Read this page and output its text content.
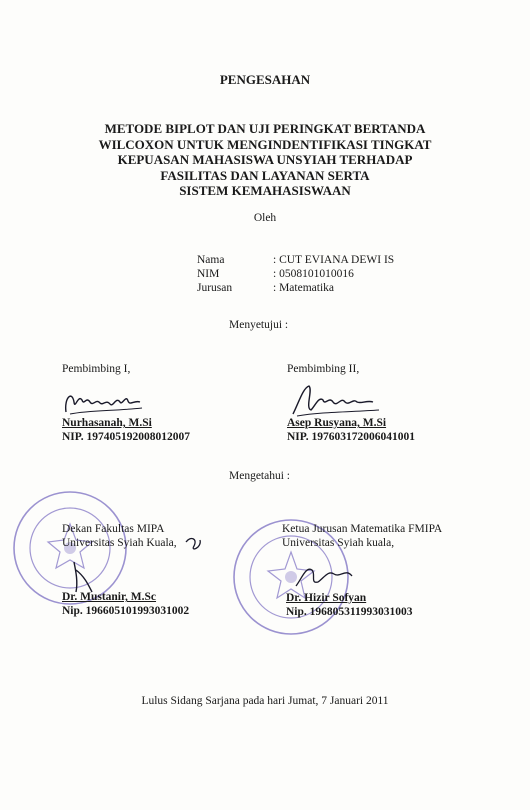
PENGESAHAN
METODE BIPLOT DAN UJI PERINGKAT BERTANDA
WILCOXON UNTUK MENGINDENTIFIKASI TINGKAT
KEPUASAN MAHASISWA UNSYIAH TERHADAP
FASILITAS DAN LAYANAN SERTA
SISTEM KEMAHASISWAAN
Oleh
Nama	: CUT EVIANA DEWI IS
NIM	: 0508101010016
Jurusan	: Matematika
Menyetujui :
Pembimbing I,
Nurhasanah, M.Si
NIP. 197405192008012007
Pembimbing II,
Asep Rusyana, M.Si
NIP. 197603172006041001
Mengetahui :
Dekan Fakultas MIPA
Universitas Syiah Kuala,
Dr. Mustanir, M.Sc
Nip. 196605101993031002
Ketua Jurusan Matematika FMIPA
Universitas Syiah kuala,
Dr. Hizir Sofyan
Nip. 196805311993031003
Lulus Sidang Sarjana pada hari Jumat, 7 Januari 2011
